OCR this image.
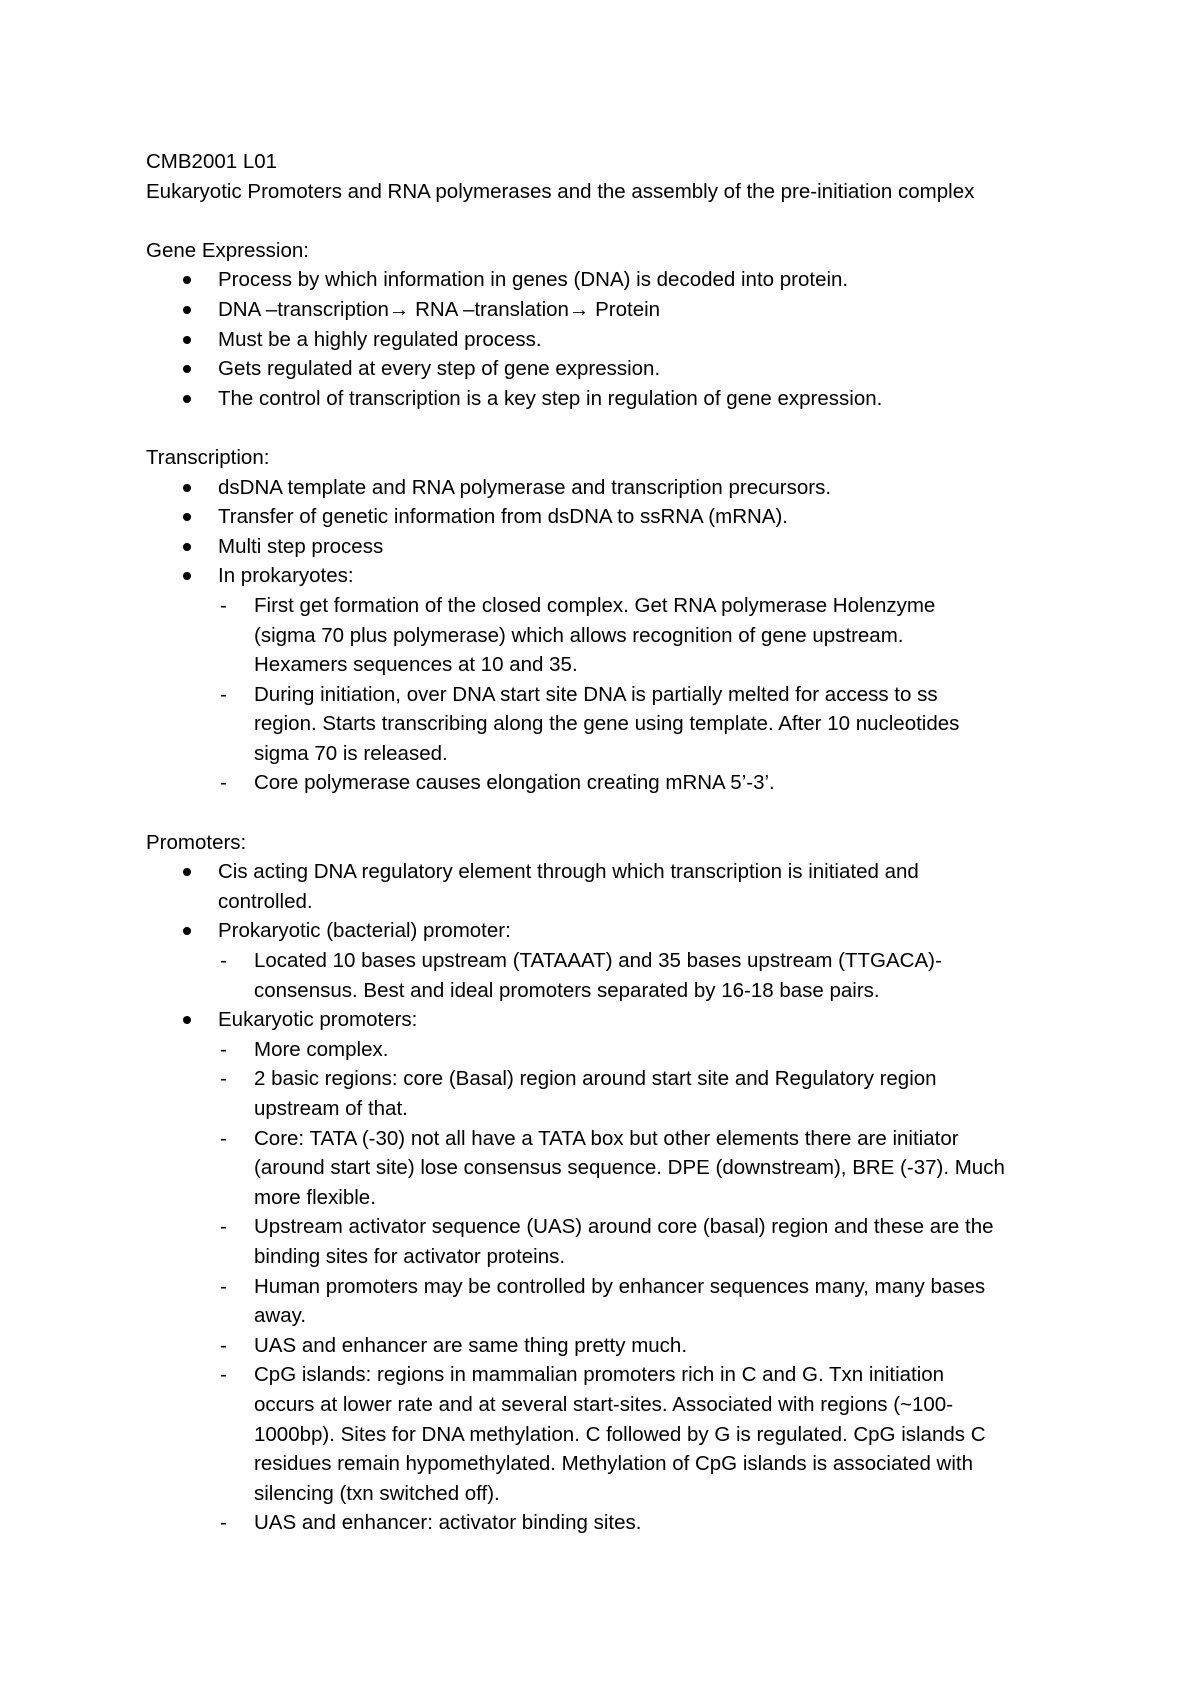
CMB2001 L01

Eukaryotic Promoters and RNA polymerases and the assembly of the pre-initiation complex

Gene Expression:

Process by which information in genes (DNA) is decoded into protein.
DNA –transcription→ RNA –translation→ Protein
Must be a highly regulated process.
Gets regulated at every step of gene expression.
The control of transcription is a key step in regulation of gene expression.

Transcription:

dsDNA template and RNA polymerase and transcription precursors.
Transfer of genetic information from dsDNA to ssRNA (mRNA).
Multi step process
In prokaryotes:
- First get formation of the closed complex. Get RNA polymerase Holenzyme
(sigma 70 plus polymerase) which allows recognition of gene upstream.
Hexamers sequences at 10 and 35.
- During initiation, over DNA start site DNA is partially melted for access to ss
region. Starts transcribing along the gene using template. After 10 nucleotides
sigma 70 is released.
- Core polymerase causes elongation creating mRNA 5’-3’.

Promoters:

Cis acting DNA regulatory element through which transcription is initiated and
controlled.
Prokaryotic (bacterial) promoter:
- Located 10 bases upstream (TATAAAT) and 35 bases upstream (TTGACA)-
consensus. Best and ideal promoters separated by 16-18 base pairs.
Eukaryotic promoters:
- More complex.
- 2 basic regions: core (Basal) region around start site and Regulatory region
upstream of that.
- Core: TATA (-30) not all have a TATA box but other elements there are initiator
(around start site) lose consensus sequence. DPE (downstream), BRE (-37). Much
more flexible.
- Upstream activator sequence (UAS) around core (basal) region and these are the
binding sites for activator proteins.
- Human promoters may be controlled by enhancer sequences many, many bases
away.
- UAS and enhancer are same thing pretty much.
- CpG islands: regions in mammalian promoters rich in C and G. Txn initiation
occurs at lower rate and at several start-sites. Associated with regions (~100-
1000bp). Sites for DNA methylation. C followed by G is regulated. CpG islands C
residues remain hypomethylated. Methylation of CpG islands is associated with
silencing (txn switched off).
- UAS and enhancer: activator binding sites.
